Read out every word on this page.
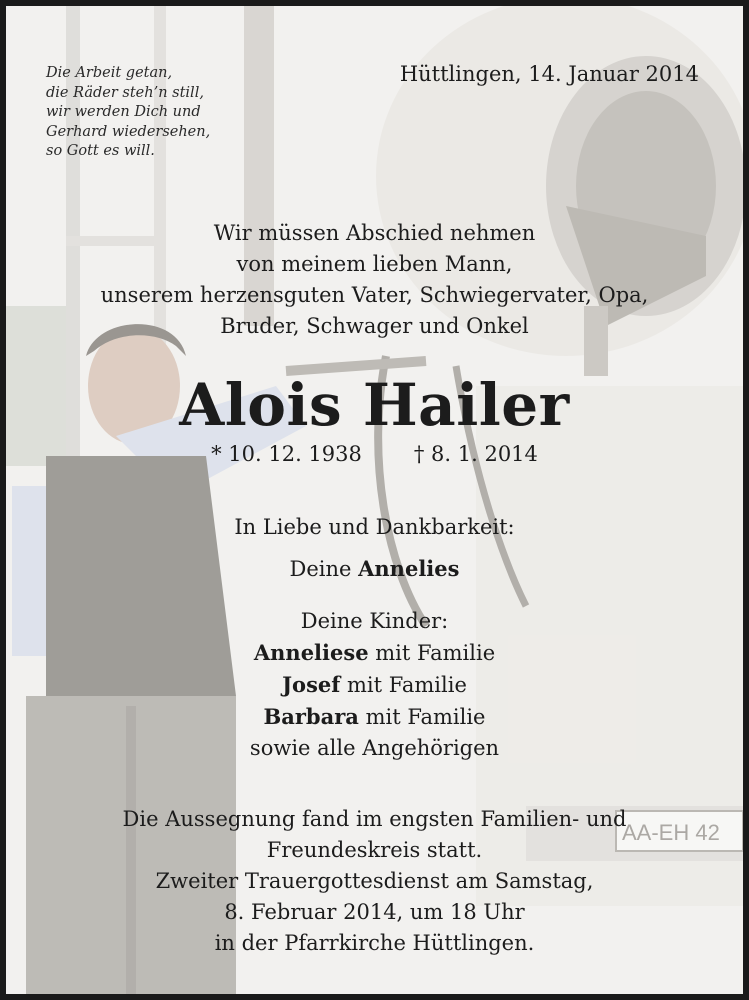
AA-EH 42
Die Arbeit getan,
die Räder steh’n still,
wir werden Dich und
Gerhard wiedersehen,
so Gott es will.
Hüttlingen, 14. Januar 2014
Wir müssen Abschied nehmen
von meinem lieben Mann,
unserem herzensguten Vater, Schwiegervater, Opa,
Bruder, Schwager und Onkel
Alois Hailer
* 10. 12. 1938 † 8. 1. 2014
In Liebe und Dankbarkeit:
Deine Annelies
Deine Kinder:
Anneliese mit Familie
Josef mit Familie
Barbara mit Familie
sowie alle Angehörigen
Die Aussegnung fand im engsten Familien- und
Freundeskreis statt.
Zweiter Trauergottesdienst am Samstag,
8. Februar 2014, um 18 Uhr
in der Pfarrkirche Hüttlingen.
